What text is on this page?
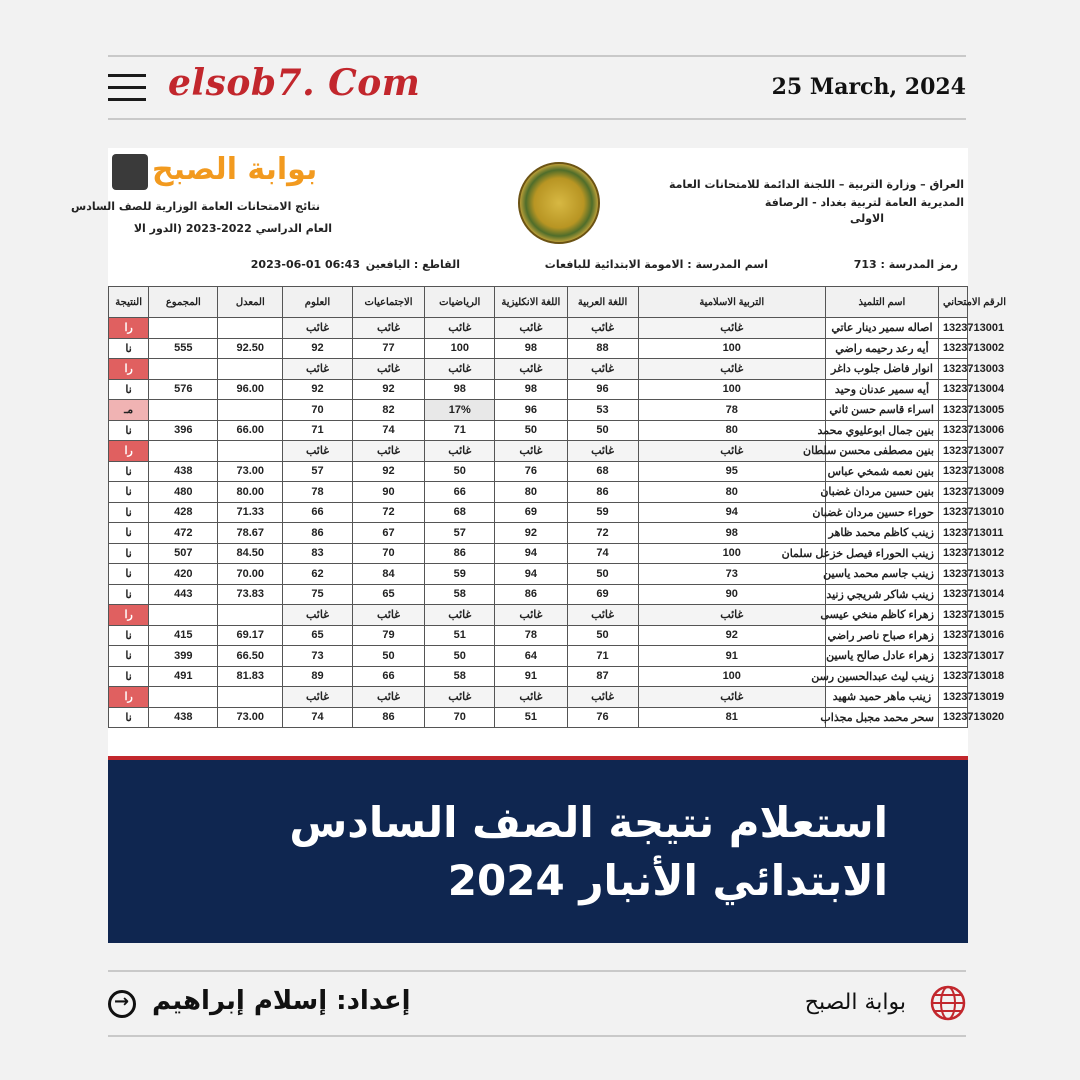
elsob7. Com	25 March, 2024
بوابة الصبح
نتائج الامتحانات العامة الوزارية للصف السادس
العام الدراسي 2022-2023 (الدور الا
العراق – وزارة التربية – اللجنة الدائمة للامتحانات العامة
المديرية العامة لتربية بغداد - الرصافة
الاولى
رمز المدرسة : 713
اسم المدرسة : الامومة الابتدائية للبافعات
القاطع : اليافعين
2023-06-01 06:43
النتيجة	المجموع	المعدل	العلوم	الاجتماعيات	الرياضيات	اللغة الانكليزية	اللغة العربية	التربية الاسلامية	اسم التلميذ	الرقم الامتحاني
را			غائب	غائب	غائب	غائب	غائب	غائب	اصاله سمير دينار عاتي	1323713001
نا	555	92.50	92	77	100	98	88	100	أيه رعد رحيمه راضي	1323713002
را			غائب	غائب	غائب	غائب	غائب	غائب	انوار فاضل جلوب داغر	1323713003
نا	576	96.00	92	92	98	98	96	100	أيه سمير عدنان وحيد	1323713004
مـ			70	82	17%	96	53	78	اسراء قاسم حسن ثاني	1323713005
نا	396	66.00	71	74	71	50	50	80	بنين جمال ابوعليوي محمد	1323713006
را			غائب	غائب	غائب	غائب	غائب	غائب	بنين مصطفى محسن سلطان	1323713007
نا	438	73.00	57	92	50	76	68	95	بنين نعمه شمخي عباس	1323713008
نا	480	80.00	78	90	66	80	86	80	بنين حسين مردان غضبان	1323713009
نا	428	71.33	66	72	68	69	59	94	حوراء حسين مردان غضبان	1323713010
نا	472	78.67	86	67	57	92	72	98	زينب كاظم محمد ظاهر	1323713011
نا	507	84.50	83	70	86	94	74	100	زينب الحوراء فيصل خزعل سلمان	1323713012
نا	420	70.00	62	84	59	94	50	73	زينب جاسم محمد ياسين	1323713013
نا	443	73.83	75	65	58	86	69	90	زينب شاكر شريجي زنيد	1323713014
را			غائب	غائب	غائب	غائب	غائب	غائب	زهراء كاظم منخي عيسى	1323713015
نا	415	69.17	65	79	51	78	50	92	زهراء صباح ناصر راضي	1323713016
نا	399	66.50	73	50	50	64	71	91	زهراء عادل صالح ياسين	1323713017
نا	491	81.83	89	66	58	91	87	100	زينب ليث عبدالحسين رسن	1323713018
را			غائب	غائب	غائب	غائب	غائب	غائب	زينب ماهر حميد شهيد	1323713019
نا	438	73.00	74	86	70	51	76	81	سحر محمد مجبل مجذاب	1323713020
استعلام نتيجة الصف السادس
الابتدائي الأنبار 2024
→
إعداد: إسلام إبراهيم	بوابة الصبح
